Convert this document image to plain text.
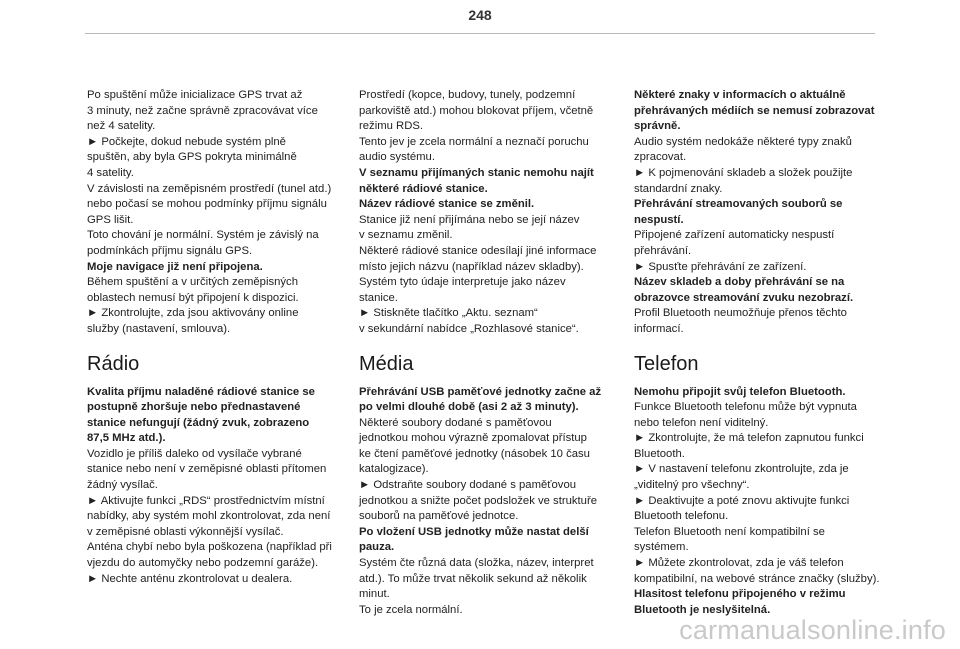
248

Po spuštění může inicializace GPS trvat až

3 minuty, než začne správně zpracovávat více

než 4 satelity.

► Počkejte, dokud nebude systém plně

spuštěn, aby byla GPS pokryta minimálně

4 satelity.

V závislosti na zeměpisném prostředí (tunel atd.)

nebo počasí se mohou podmínky příjmu signálu

GPS lišit.

Toto chování je normální. Systém je závislý na

podmínkách příjmu signálu GPS.

Moje navigace již není připojena.

Během spuštění a v určitých zeměpisných

oblastech nemusí být připojení k dispozici.

► Zkontrolujte, zda jsou aktivovány online

služby (nastavení, smlouva).

Rádio

Kvalita příjmu naladěné rádiové stanice se

postupně zhoršuje nebo přednastavené

stanice nefungují (žádný zvuk, zobrazeno

87,5 MHz atd.).

Vozidlo je příliš daleko od vysílače vybrané

stanice nebo není v zeměpisné oblasti přítomen

žádný vysílač.

► Aktivujte funkci „RDS“ prostřednictvím místní

nabídky, aby systém mohl zkontrolovat, zda není

v zeměpisné oblasti výkonnější vysílač.

Anténa chybí nebo byla poškozena (například při

vjezdu do automyčky nebo podzemní garáže).

► Nechte anténu zkontrolovat u dealera.

Prostředí (kopce, budovy, tunely, podzemní

parkoviště atd.) mohou blokovat příjem, včetně

režimu RDS.

Tento jev je zcela normální a neznačí poruchu

audio systému.

V seznamu přijímaných stanic nemohu najít

některé rádiové stanice.

Název rádiové stanice se změnil.

Stanice již není přijímána nebo se její název

v seznamu změnil.

Některé rádiové stanice odesílají jiné informace

místo jejich názvu (například název skladby).

Systém tyto údaje interpretuje jako název

stanice.

► Stiskněte tlačítko „Aktu. seznam“

v sekundární nabídce „Rozhlasové stanice“.

Média

Přehrávání USB paměťové jednotky začne až

po velmi dlouhé době (asi 2 až 3 minuty).

Některé soubory dodané s paměťovou

jednotkou mohou výrazně zpomalovat přístup

ke čtení paměťové jednotky (násobek 10 času

katalogizace).

► Odstraňte soubory dodané s paměťovou

jednotkou a snižte počet podsložek ve struktuře

souborů na paměťové jednotce.

Po vložení USB jednotky může nastat delší

pauza.

Systém čte různá data (složka, název, interpret

atd.). To může trvat několik sekund až několik

minut.

To je zcela normální.

Některé znaky v informacích o aktuálně

přehrávaných médiích se nemusí zobrazovat

správně.

Audio systém nedokáže některé typy znaků

zpracovat.

► K pojmenování skladeb a složek použijte

standardní znaky.

Přehrávání streamovaných souborů se

nespustí.

Připojené zařízení automaticky nespustí

přehrávání.

► Spusťte přehrávání ze zařízení.

Název skladeb a doby přehrávání se na

obrazovce streamování zvuku nezobrazí.

Profil Bluetooth neumožňuje přenos těchto

informací.

Telefon

Nemohu připojit svůj telefon Bluetooth.

Funkce Bluetooth telefonu může být vypnuta

nebo telefon není viditelný.

► Zkontrolujte, že má telefon zapnutou funkci

Bluetooth.

► V nastavení telefonu zkontrolujte, zda je

„viditelný pro všechny“.

► Deaktivujte a poté znovu aktivujte funkci

Bluetooth telefonu.

Telefon Bluetooth není kompatibilní se

systémem.

► Můžete zkontrolovat, zda je váš telefon

kompatibilní, na webové stránce značky (služby).

Hlasitost telefonu připojeného v režimu

Bluetooth je neslyšitelná.

carmanualsonline.info
